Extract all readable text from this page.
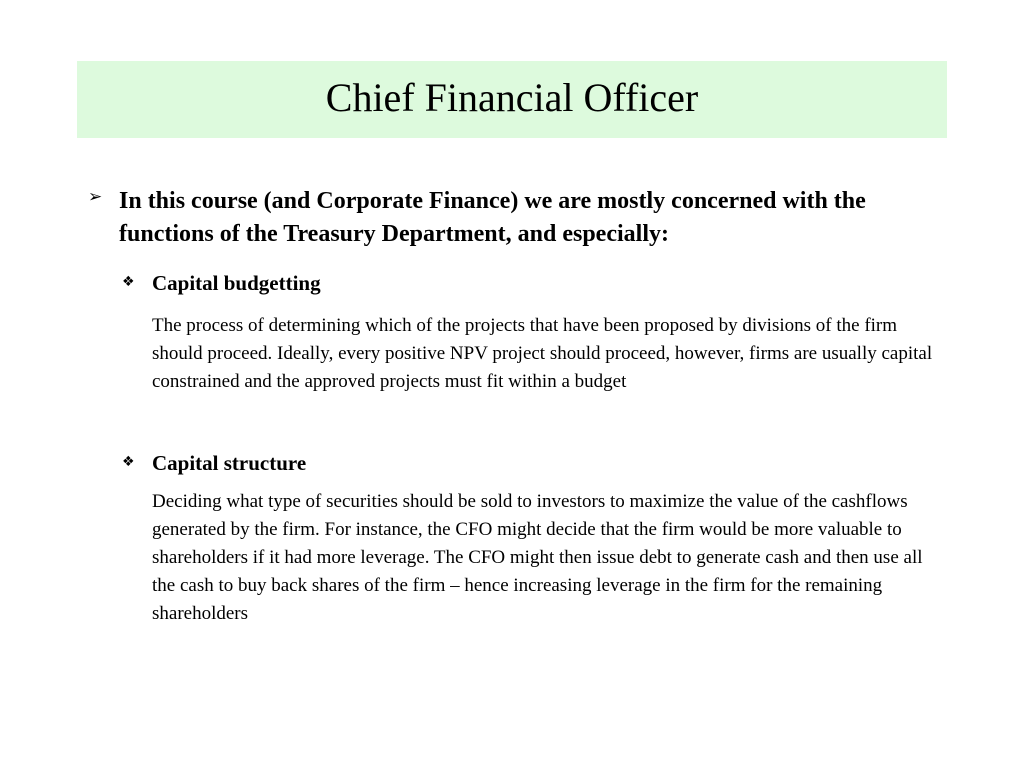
Chief Financial Officer
➢ In this course (and Corporate Finance) we are mostly concerned with the functions of the Treasury Department, and especially:
❖ Capital budgetting
The process of determining which of the projects that have been proposed by divisions of the firm should proceed. Ideally, every positive NPV project should proceed, however, firms are usually capital constrained and the approved projects must fit within a budget
❖ Capital structure
Deciding what type of securities should be sold to investors to maximize the value of the cashflows generated by the firm. For instance, the CFO might decide that the firm would be more valuable to shareholders if it had more leverage. The CFO might then issue debt to generate cash and then use all the cash to buy back shares of the firm – hence increasing leverage in the firm for the remaining shareholders
